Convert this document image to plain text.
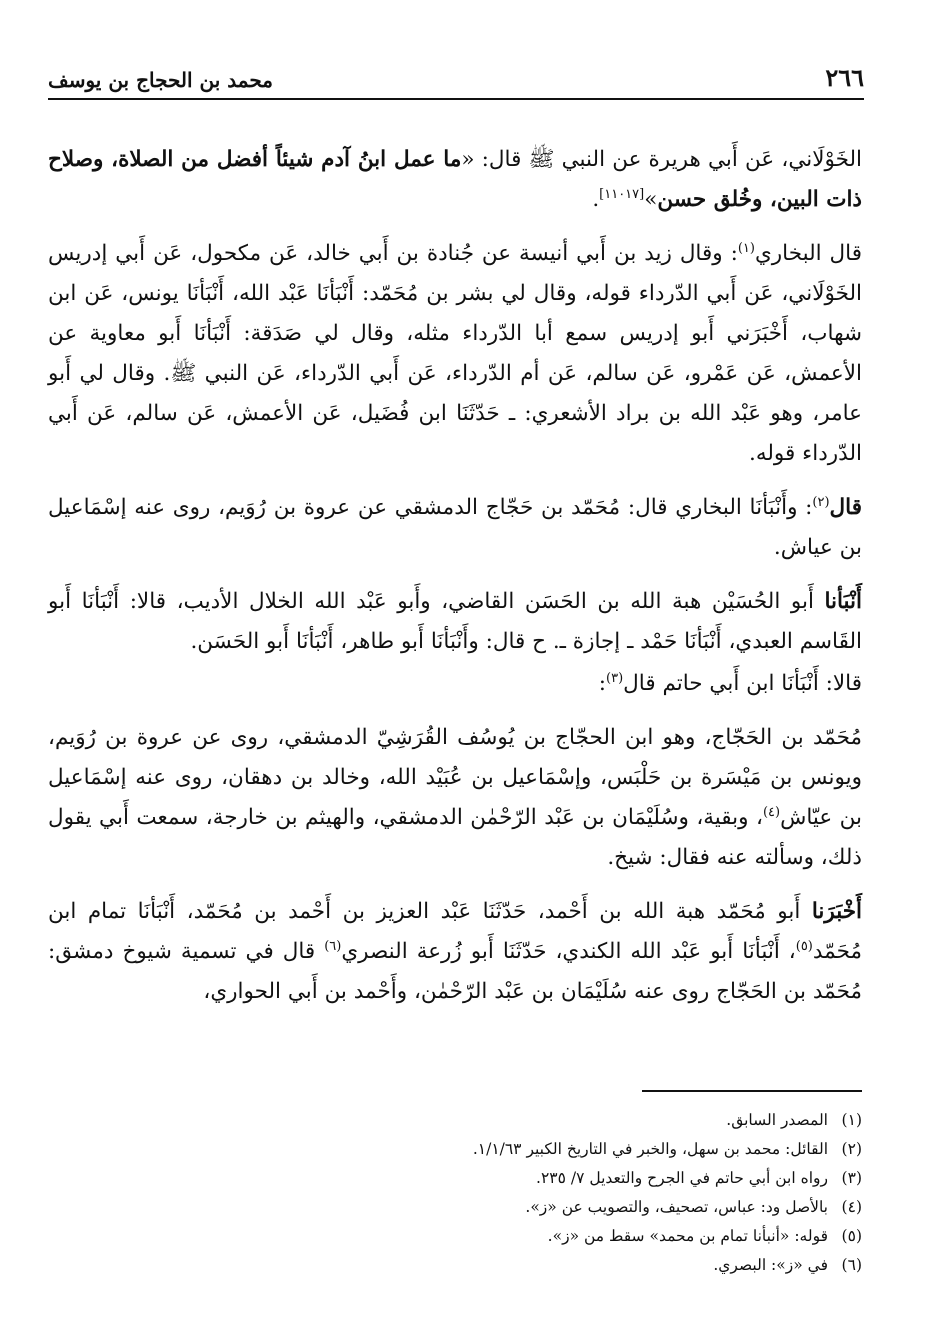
٢٦٦
محمد بن الحجاج بن يوسف

الخَوْلَاني، عَن أَبي هريرة عن النبي ﷺ قال: «ما عمل ابنُ آدم شيئاً أفضل من الصلاة، وصلاح ذات البين، وخُلق حسن»[١١٠١٧].

قال البخاري$^{(١)}$: وقال زيد بن أَبي أنيسة عن جُنادة بن أَبي خالد، عَن مكحول، عَن أَبي إدريس الخَوْلَاني، عَن أَبي الدّرداء قوله، وقال لي بشر بن مُحَمّد: أَنْبَأنَا عَبْد الله، أَنْبَأنَا يونس، عَن ابن شهاب، أَخْبَرَني أَبو إدريس سمع أبا الدّرداء مثله، وقال لي صَدَقة: أَنْبَأنَا أَبو معاوية عن الأعمش، عَن عَمْرو، عَن سالم، عَن أم الدّرداء، عَن أَبي الدّرداء، عَن النبي ﷺ. وقال لي أَبو عامر، وهو عَبْد الله بن براد الأشعري: ـ حَدّثَنَا ابن فُضَيل، عَن الأعمش، عَن سالم، عَن أَبي الدّرداء قوله.

قال$^{(٢)}$: وأَنْبَأنَا البخاري قال: مُحَمّد بن حَجّاج الدمشقي عن عروة بن رُوَيم، روى عنه إسْمَاعيل بن عياش.

أَنْبَأنا أَبو الحُسَيْن هبة الله بن الحَسَن القاضي، وأَبو عَبْد الله الخلال الأديب، قالا: أَنْبَأنَا أَبو القَاسم العبدي، أَنْبَأنَا حَمْد ـ إجازة ـ. ح قال: وأَنْبَأنَا أَبو طاهر، أَنْبَأنَا أَبو الحَسَن.

قالا: أَنْبَأنَا ابن أَبي حاتم قال$^{(٣)}$:

مُحَمّد بن الحَجّاج، وهو ابن الحجّاج بن يُوسُف القُرَشِيّ الدمشقي، روى عن عروة بن رُوَيم، ويونس بن مَيْسَرة بن حَلْبَس، وإسْمَاعيل بن عُبَيْد الله، وخالد بن دهقان، روى عنه إسْمَاعيل بن عيّاش$^{(٤)}$، وبقية، وسُلَيْمَان بن عَبْد الرّحْمٰن الدمشقي، والهيثم بن خارجة، سمعت أَبي يقول ذلك، وسألته عنه فقال: شيخ.

أَخْبَرَنا أَبو مُحَمّد هبة الله بن أَحْمد، حَدّثَنَا عَبْد العزيز بن أَحْمد بن مُحَمّد، أَنْبَأنَا تمام ابن مُحَمّد$^{(٥)}$، أَنْبَأنَا أَبو عَبْد الله الكندي، حَدّثَنَا أَبو زُرعة النصري$^{(٦)}$ قال في تسمية شيوخ دمشق: مُحَمّد بن الحَجّاج روى عنه سُلَيْمَان بن عَبْد الرّحْمٰن، وأَحْمد بن أَبي الحواري،

(١)
المصدر السابق.
(٢)
القائل: محمد بن سهل، والخبر في التاريخ الكبير ١/١/٦٣.
(٣)
رواه ابن أبي حاتم في الجرح والتعديل ٧/ ٢٣٥.
(٤)
بالأصل ود: عباس، تصحيف، والتصويب عن «ز».
(٥)
قوله: «أنبأنا تمام بن محمد» سقط من «ز».
(٦)
في «ز»: البصري.
